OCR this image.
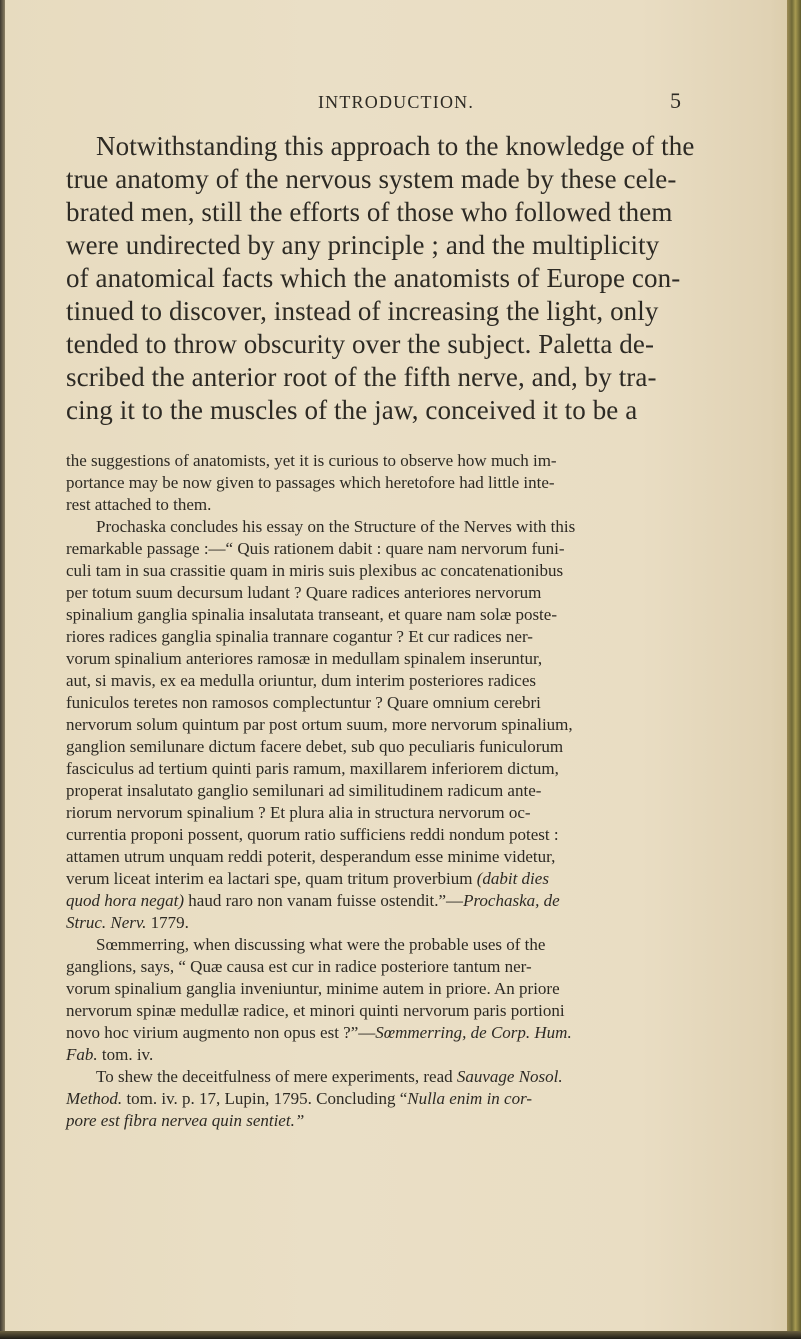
INTRODUCTION.	5
Notwithstanding this approach to the knowledge of the
true anatomy of the nervous system made by these cele-
brated men, still the efforts of those who followed them
were undirected by any principle ; and the multiplicity
of anatomical facts which the anatomists of Europe con-
tinued to discover, instead of increasing the light, only
tended to throw obscurity over the subject. Paletta de-
scribed the anterior root of the fifth nerve, and, by tra-
cing it to the muscles of the jaw, conceived it to be a
the suggestions of anatomists, yet it is curious to observe how much im-
portance may be now given to passages which heretofore had little inte-
rest attached to them.
Prochaska concludes his essay on the Structure of the Nerves with this
remarkable passage :—“ Quis rationem dabit : quare nam nervorum funi-
culi tam in sua crassitie quam in miris suis plexibus ac concatenationibus
per totum suum decursum ludant ? Quare radices anteriores nervorum
spinalium ganglia spinalia insalutata transeant, et quare nam solæ poste-
riores radices ganglia spinalia trannare cogantur ? Et cur radices ner-
vorum spinalium anteriores ramosæ in medullam spinalem inseruntur,
aut, si mavis, ex ea medulla oriuntur, dum interim posteriores radices
funiculos teretes non ramosos complectuntur ? Quare omnium cerebri
nervorum solum quintum par post ortum suum, more nervorum spinalium,
ganglion semilunare dictum facere debet, sub quo peculiaris funiculorum
fasciculus ad tertium quinti paris ramum, maxillarem inferiorem dictum,
properat insalutato ganglio semilunari ad similitudinem radicum ante-
riorum nervorum spinalium ? Et plura alia in structura nervorum oc-
currentia proponi possent, quorum ratio sufficiens reddi nondum potest :
attamen utrum unquam reddi poterit, desperandum esse minime videtur,
verum liceat interim ea lactari spe, quam tritum proverbium (dabit dies
quod hora negat) haud raro non vanam fuisse ostendit.”—Prochaska, de
Struc. Nerv. 1779.
Sœmmerring, when discussing what were the probable uses of the
ganglions, says, “ Quæ causa est cur in radice posteriore tantum ner-
vorum spinalium ganglia inveniuntur, minime autem in priore. An priore
nervorum spinæ medullæ radice, et minori quinti nervorum paris portioni
novo hoc virium augmento non opus est ?”—Sœmmerring, de Corp. Hum.
Fab. tom. iv.
To shew the deceitfulness of mere experiments, read Sauvage Nosol.
Method. tom. iv. p. 17, Lupin, 1795. Concluding “Nulla enim in cor-
pore est fibra nervea quin sentiet.”
